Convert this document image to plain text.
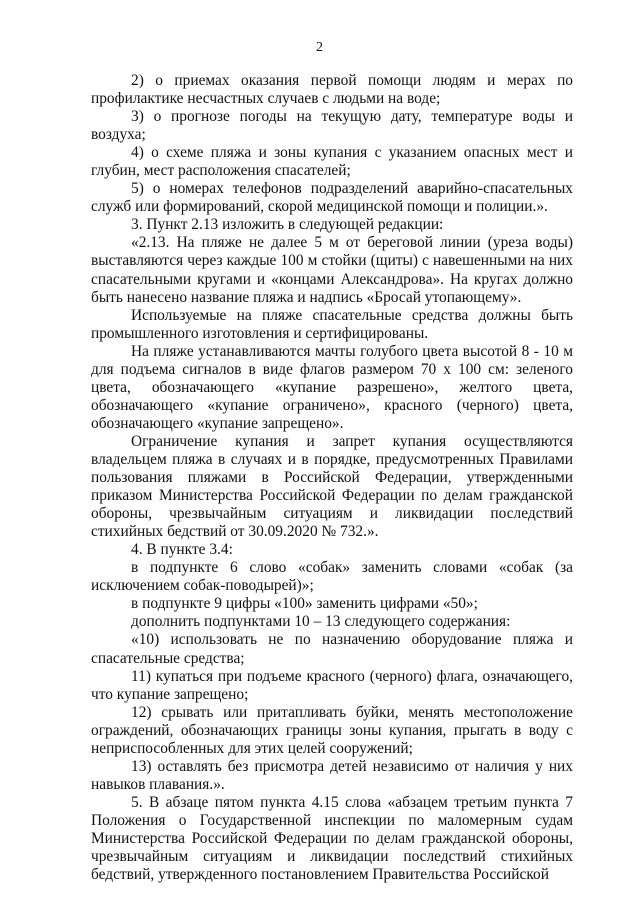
2

2) о приемах оказания первой помощи людям и мерах по профилактике несчастных случаев с людьми на воде;

3) о прогнозе погоды на текущую дату, температуре воды и воздуха;

4) о схеме пляжа и зоны купания с указанием опасных мест и глубин, мест расположения спасателей;

5) о номерах телефонов подразделений аварийно-спасательных служб или формирований, скорой медицинской помощи и полиции.».

3. Пункт 2.13 изложить в следующей редакции:

«2.13. На пляже не далее 5 м от береговой линии (уреза воды) выставляются через каждые 100 м стойки (щиты) с навешенными на них спасательными кругами и «концами Александрова». На кругах должно быть нанесено название пляжа и надпись «Бросай утопающему».

Используемые на пляже спасательные средства должны быть промышленного изготовления и сертифицированы.

На пляже устанавливаются мачты голубого цвета высотой 8 - 10 м для подъема сигналов в виде флагов размером 70 х 100 см: зеленого цвета, обозначающего «купание разрешено», желтого цвета, обозначающего «купание ограничено», красного (черного) цвета, обозначающего «купание запрещено».

Ограничение купания и запрет купания осуществляются владельцем пляжа в случаях и в порядке, предусмотренных Правилами пользования пляжами в Российской Федерации, утвержденными приказом Министерства Российской Федерации по делам гражданской обороны, чрезвычайным ситуациям и ликвидации последствий стихийных бедствий от 30.09.2020 № 732.».

4. В пункте 3.4:

в подпункте 6 слово «собак» заменить словами «собак (за исключением собак-поводырей)»;

в подпункте 9 цифры «100» заменить цифрами «50»;

дополнить подпунктами 10 – 13 следующего содержания:

«10) использовать не по назначению оборудование пляжа и спасательные средства;

11) купаться при подъеме красного (черного) флага, означающего, что купание запрещено;

12) срывать или притапливать буйки, менять местоположение ограждений, обозначающих границы зоны купания, прыгать в воду с неприспособленных для этих целей сооружений;

13) оставлять без присмотра детей независимо от наличия у них навыков плавания.».

5. В абзаце пятом пункта 4.15 слова «абзацем третьим пункта 7 Положения о Государственной инспекции по маломерным судам Министерства Российской Федерации по делам гражданской обороны, чрезвычайным ситуациям и ликвидации последствий стихийных бедствий, утвержденного постановлением Правительства Российской
